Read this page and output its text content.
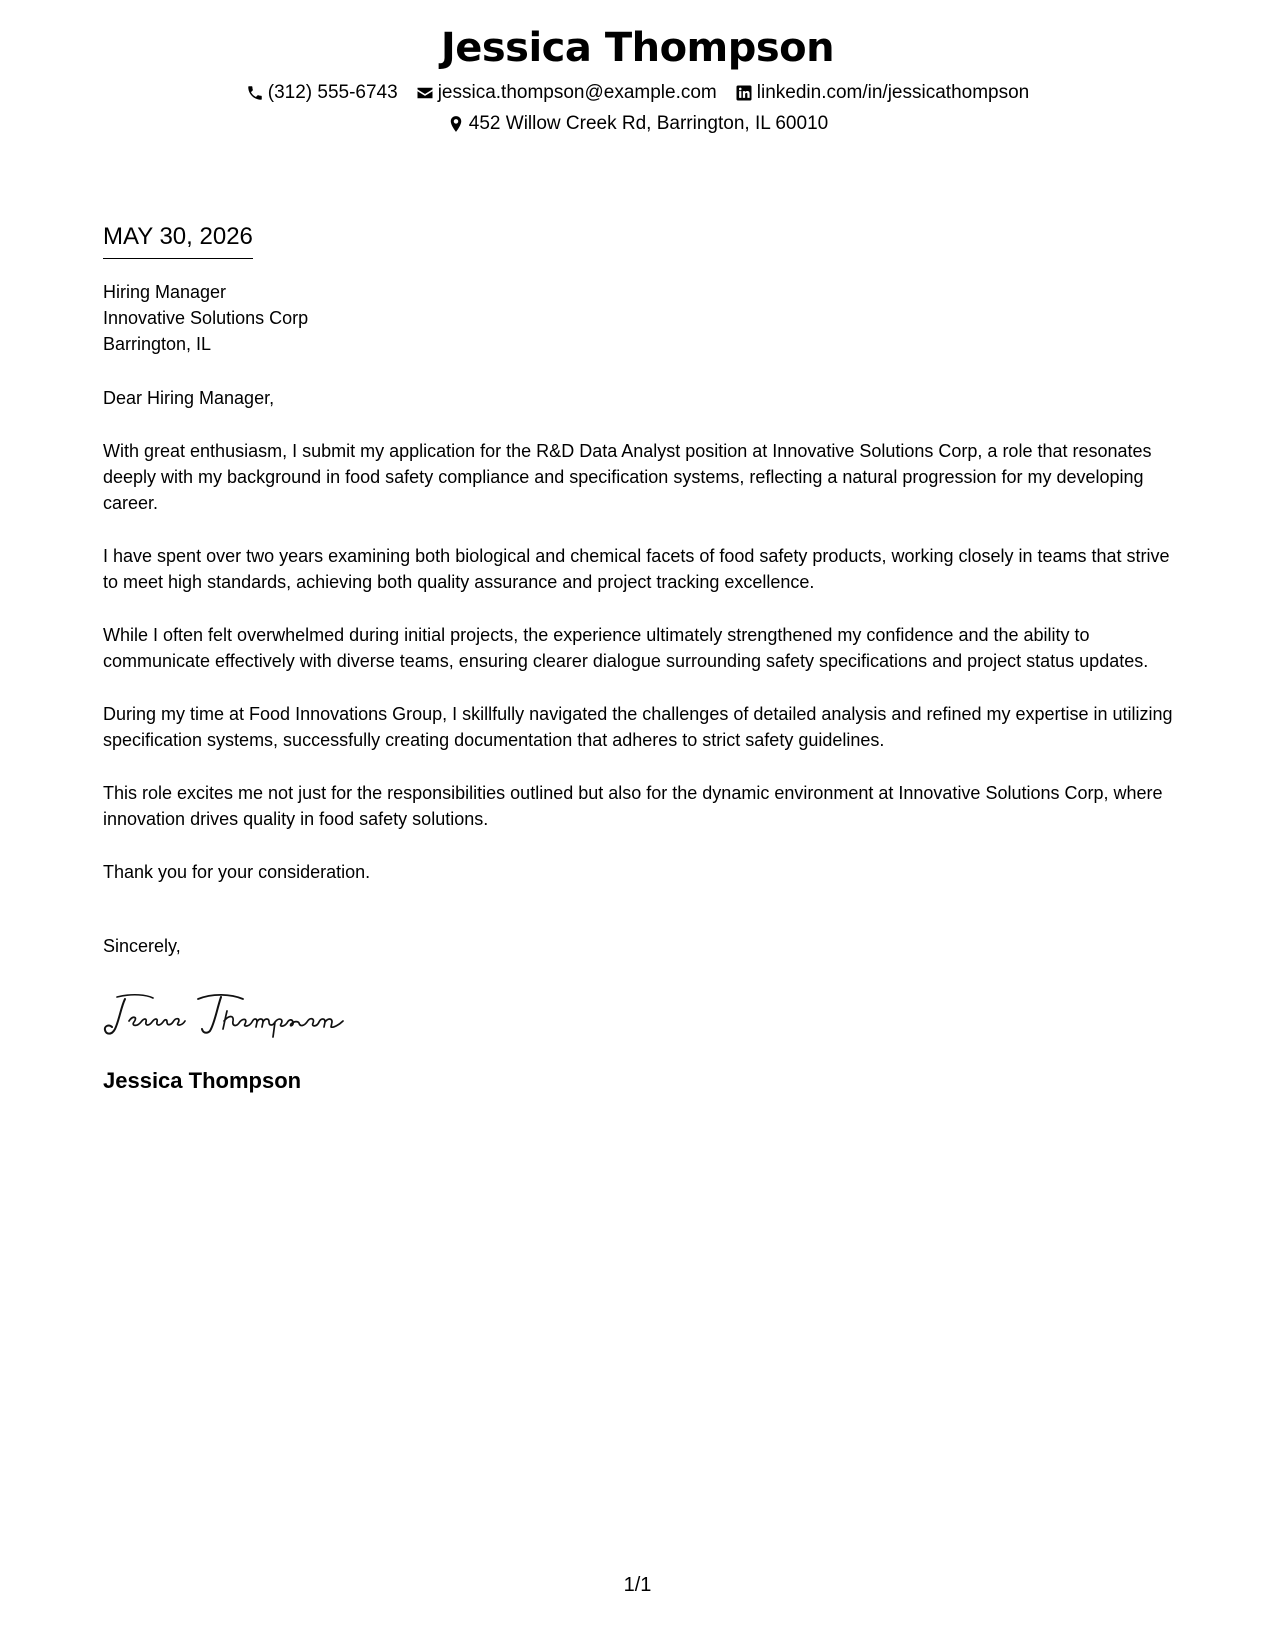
Jessica Thompson
(312) 555-6743 jessica.thompson@example.com linkedin.com/in/jessicathompson
452 Willow Creek Rd, Barrington, IL 60010
MAY 30, 2026

Hiring Manager

Innovative Solutions Corp

Barrington, IL

Dear Hiring Manager,

With great enthusiasm, I submit my application for the R&D Data Analyst position at Innovative Solutions Corp, a role that resonates deeply with my background in food safety compliance and specification systems, reflecting a natural progression for my developing career.

I have spent over two years examining both biological and chemical facets of food safety products, working closely in teams that strive to meet high standards, achieving both quality assurance and project tracking excellence.

While I often felt overwhelmed during initial projects, the experience ultimately strengthened my confidence and the ability to communicate effectively with diverse teams, ensuring clearer dialogue surrounding safety specifications and project status updates.

During my time at Food Innovations Group, I skillfully navigated the challenges of detailed analysis and refined my expertise in utilizing specification systems, successfully creating documentation that adheres to strict safety guidelines.

This role excites me not just for the responsibilities outlined but also for the dynamic environment at Innovative Solutions Corp, where innovation drives quality in food safety solutions.

Thank you for your consideration.

Sincerely,

Jessica Thompson
1/1
